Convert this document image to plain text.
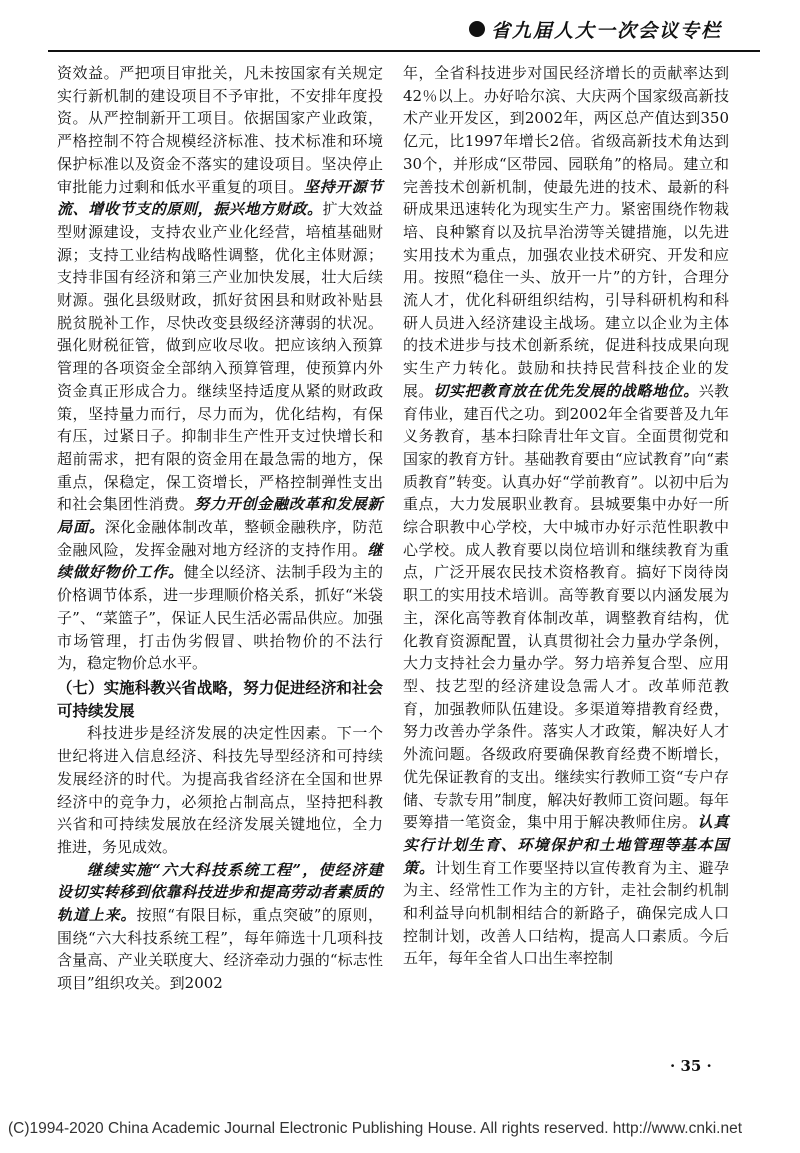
省九届人大一次会议专栏

资效益。严把项目审批关，凡未按国家有关规定实行新机制的建设项目不予审批，不安排年度投资。从严控制新开工项目。依据国家产业政策，严格控制不符合规模经济标准、技术标准和环境保护标准以及资金不落实的建设项目。坚决停止审批能力过剩和低水平重复的项目。坚持开源节流、增收节支的原则，振兴地方财政。扩大效益型财源建设，支持农业产业化经营，培植基础财源；支持工业结构战略性调整，优化主体财源；支持非国有经济和第三产业加快发展，壮大后续财源。强化县级财政，抓好贫困县和财政补贴县脱贫脱补工作，尽快改变县级经济薄弱的状况。强化财税征管，做到应收尽收。把应该纳入预算管理的各项资金全部纳入预算管理，使预算内外资金真正形成合力。继续坚持适度从紧的财政政策，坚持量力而行，尽力而为，优化结构，有保有压，过紧日子。抑制非生产性开支过快增长和超前需求，把有限的资金用在最急需的地方，保重点，保稳定，保工资增长，严格控制弹性支出和社会集团性消费。努力开创金融改革和发展新局面。深化金融体制改革，整顿金融秩序，防范金融风险，发挥金融对地方经济的支持作用。继续做好物价工作。健全以经济、法制手段为主的价格调节体系，进一步理顺价格关系，抓好“米袋子”、“菜篮子”，保证人民生活必需品供应。加强市场管理，打击伪劣假冒、哄抬物价的不法行为，稳定物价总水平。

（七）实施科教兴省战略，努力促进经济和社会可持续发展

科技进步是经济发展的决定性因素。下一个世纪将进入信息经济、科技先导型经济和可持续发展经济的时代。为提高我省经济在全国和世界经济中的竞争力，必须抢占制高点，坚持把科教兴省和可持续发展放在经济发展关键地位，全力推进，务见成效。

继续实施“六大科技系统工程”，使经济建设切实转移到依靠科技进步和提高劳动者素质的轨道上来。按照“有限目标，重点突破”的原则，围绕“六大科技系统工程”，每年筛选十几项科技含量高、产业关联度大、经济牵动力强的“标志性项目”组织攻关。到2002

年，全省科技进步对国民经济增长的贡献率达到42％以上。办好哈尔滨、大庆两个国家级高新技术产业开发区，到2002年，两区总产值达到350亿元，比1997年增长2倍。省级高新技术角达到30个，并形成“区带园、园联角”的格局。建立和完善技术创新机制，使最先进的技术、最新的科研成果迅速转化为现实生产力。紧密围绕作物栽培、良种繁育以及抗旱治涝等关键措施，以先进实用技术为重点，加强农业技术研究、开发和应用。按照“稳住一头、放开一片”的方针，合理分流人才，优化科研组织结构，引导科研机构和科研人员进入经济建设主战场。建立以企业为主体的技术进步与技术创新系统，促进科技成果向现实生产力转化。鼓励和扶持民营科技企业的发展。切实把教育放在优先发展的战略地位。兴教育伟业，建百代之功。到2002年全省要普及九年义务教育，基本扫除青壮年文盲。全面贯彻党和国家的教育方针。基础教育要由“应试教育”向“素质教育”转变。认真办好“学前教育”。以初中后为重点，大力发展职业教育。县城要集中办好一所综合职教中心学校，大中城市办好示范性职教中心学校。成人教育要以岗位培训和继续教育为重点，广泛开展农民技术资格教育。搞好下岗待岗职工的实用技术培训。高等教育要以内涵发展为主，深化高等教育体制改革，调整教育结构，优化教育资源配置，认真贯彻社会力量办学条例，大力支持社会力量办学。努力培养复合型、应用型、技艺型的经济建设急需人才。改革师范教育，加强教师队伍建设。多渠道筹措教育经费，努力改善办学条件。落实人才政策，解决好人才外流问题。各级政府要确保教育经费不断增长，优先保证教育的支出。继续实行教师工资“专户存储、专款专用”制度，解决好教师工资问题。每年要筹措一笔资金，集中用于解决教师住房。认真实行计划生育、环境保护和土地管理等基本国策。计划生育工作要坚持以宣传教育为主、避孕为主、经常性工作为主的方针，走社会制约机制和利益导向机制相结合的新路子，确保完成人口控制计划，改善人口结构，提高人口素质。今后五年，每年全省人口出生率控制

· 35 ·
(C)1994-2020 China Academic Journal Electronic Publishing House. All rights reserved. http://www.cnki.net
